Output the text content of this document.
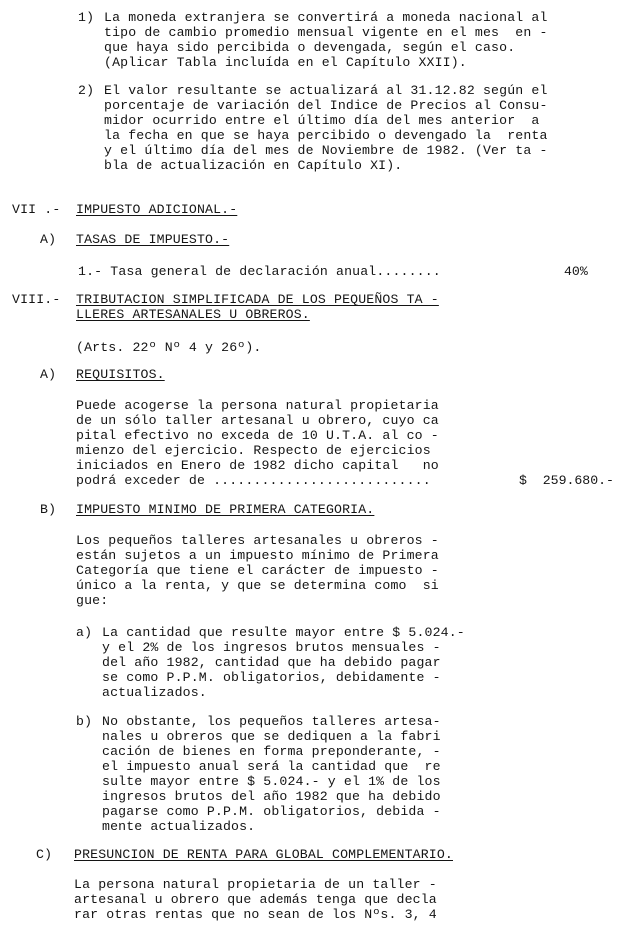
1) La moneda extranjera se convertirá a moneda nacional al
tipo de cambio promedio mensual vigente en el mes  en -
que haya sido percibida o devengada, según el caso.
(Aplicar Tabla incluída en el Capítulo XXII).
2) El valor resultante se actualizará al 31.12.82 según el
porcentaje de variación del Indice de Precios al Consu-
midor ocurrido entre el último día del mes anterior  a
la fecha en que se haya percibido o devengado la  renta
y el último día del mes de Noviembre de 1982. (Ver ta -
bla de actualización en Capítulo XI).
VII .- IMPUESTO ADICIONAL.-
A) TASAS DE IMPUESTO.-
1.- Tasa general de declaración anual........	40%
VIII.- TRIBUTACION SIMPLIFICADA DE LOS PEQUEÑOS TA -
LLERES ARTESANALES U OBREROS.
(Arts. 22º Nº 4 y 26º).
A) REQUISITOS.
Puede acogerse la persona natural propietaria
de un sólo taller artesanal u obrero, cuyo ca
pital efectivo no exceda de 10 U.T.A. al co -
mienzo del ejercicio. Respecto de ejercicios
iniciados en Enero de 1982 dicho capital   no
podrá exceder de ...........................	$  259.680.-
B) IMPUESTO MINIMO DE PRIMERA CATEGORIA.
Los pequeños talleres artesanales u obreros -
están sujetos a un impuesto mínimo de Primera
Categoría que tiene el carácter de impuesto -
único a la renta, y que se determina como  si
gue:
a) La cantidad que resulte mayor entre $ 5.024.-
y el 2% de los ingresos brutos mensuales -
del año 1982, cantidad que ha debido pagar
se como P.P.M. obligatorios, debidamente -
actualizados.
b) No obstante, los pequeños talleres artesa-
nales u obreros que se dediquen a la fabri
cación de bienes en forma preponderante, -
el impuesto anual será la cantidad que  re
sulte mayor entre $ 5.024.- y el 1% de los
ingresos brutos del año 1982 que ha debido
pagarse como P.P.M. obligatorios, debida -
mente actualizados.
C) PRESUNCION DE RENTA PARA GLOBAL COMPLEMENTARIO.
La persona natural propietaria de un taller -
artesanal u obrero que además tenga que decla
rar otras rentas que no sean de los Nºs. 3, 4
